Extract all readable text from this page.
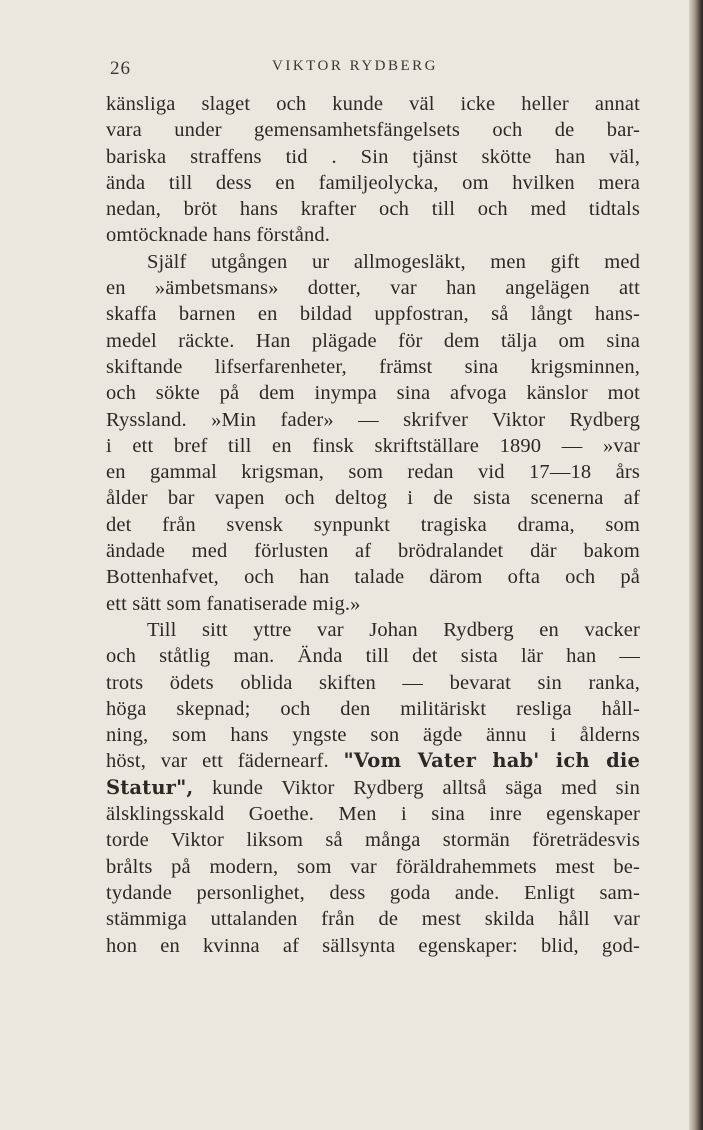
26	VIKTOR RYDBERG
känsliga slaget och kunde väl icke heller annat
vara under gemensamhetsfängelsets och de bar-
bariska straffens tid . Sin tjänst skötte han väl,
ända till dess en familjeolycka, om hvilken mera
nedan, bröt hans krafter och till och med tidtals
omtöcknade hans förstånd.
Själf utgången ur allmogesläkt, men gift med
en »ämbetsmans» dotter, var han angelägen att
skaffa barnen en bildad uppfostran, så långt hans-
medel räckte. Han plägade för dem tälja om sina
skiftande lifserfarenheter, främst sina krigsminnen,
och sökte på dem inympa sina afvoga känslor mot
Ryssland. »Min fader» — skrifver Viktor Rydberg
i ett bref till en finsk skriftställare 1890 — »var
en gammal krigsman, som redan vid 17—18 års
ålder bar vapen och deltog i de sista scenerna af
det från svensk synpunkt tragiska drama, som
ändade med förlusten af brödralandet där bakom
Bottenhafvet, och han talade därom ofta och på
ett sätt som fanatiserade mig.»
Till sitt yttre var Johan Rydberg en vacker
och ståtlig man. Ända till det sista lär han —
trots ödets oblida skiften — bevarat sin ranka,
höga skepnad; och den militäriskt resliga håll-
ning, som hans yngste son ägde ännu i ålderns
höst, var ett fädernearf. "Vom Vater hab' ich die
Statur", kunde Viktor Rydberg alltså säga med sin
älsklingsskald Goethe. Men i sina inre egenskaper
torde Viktor liksom så många stormän företrädesvis
brålts på modern, som var föräldrahemmets mest be-
tydande personlighet, dess goda ande. Enligt sam-
stämmiga uttalanden från de mest skilda håll var
hon en kvinna af sällsynta egenskaper: blid, god-
